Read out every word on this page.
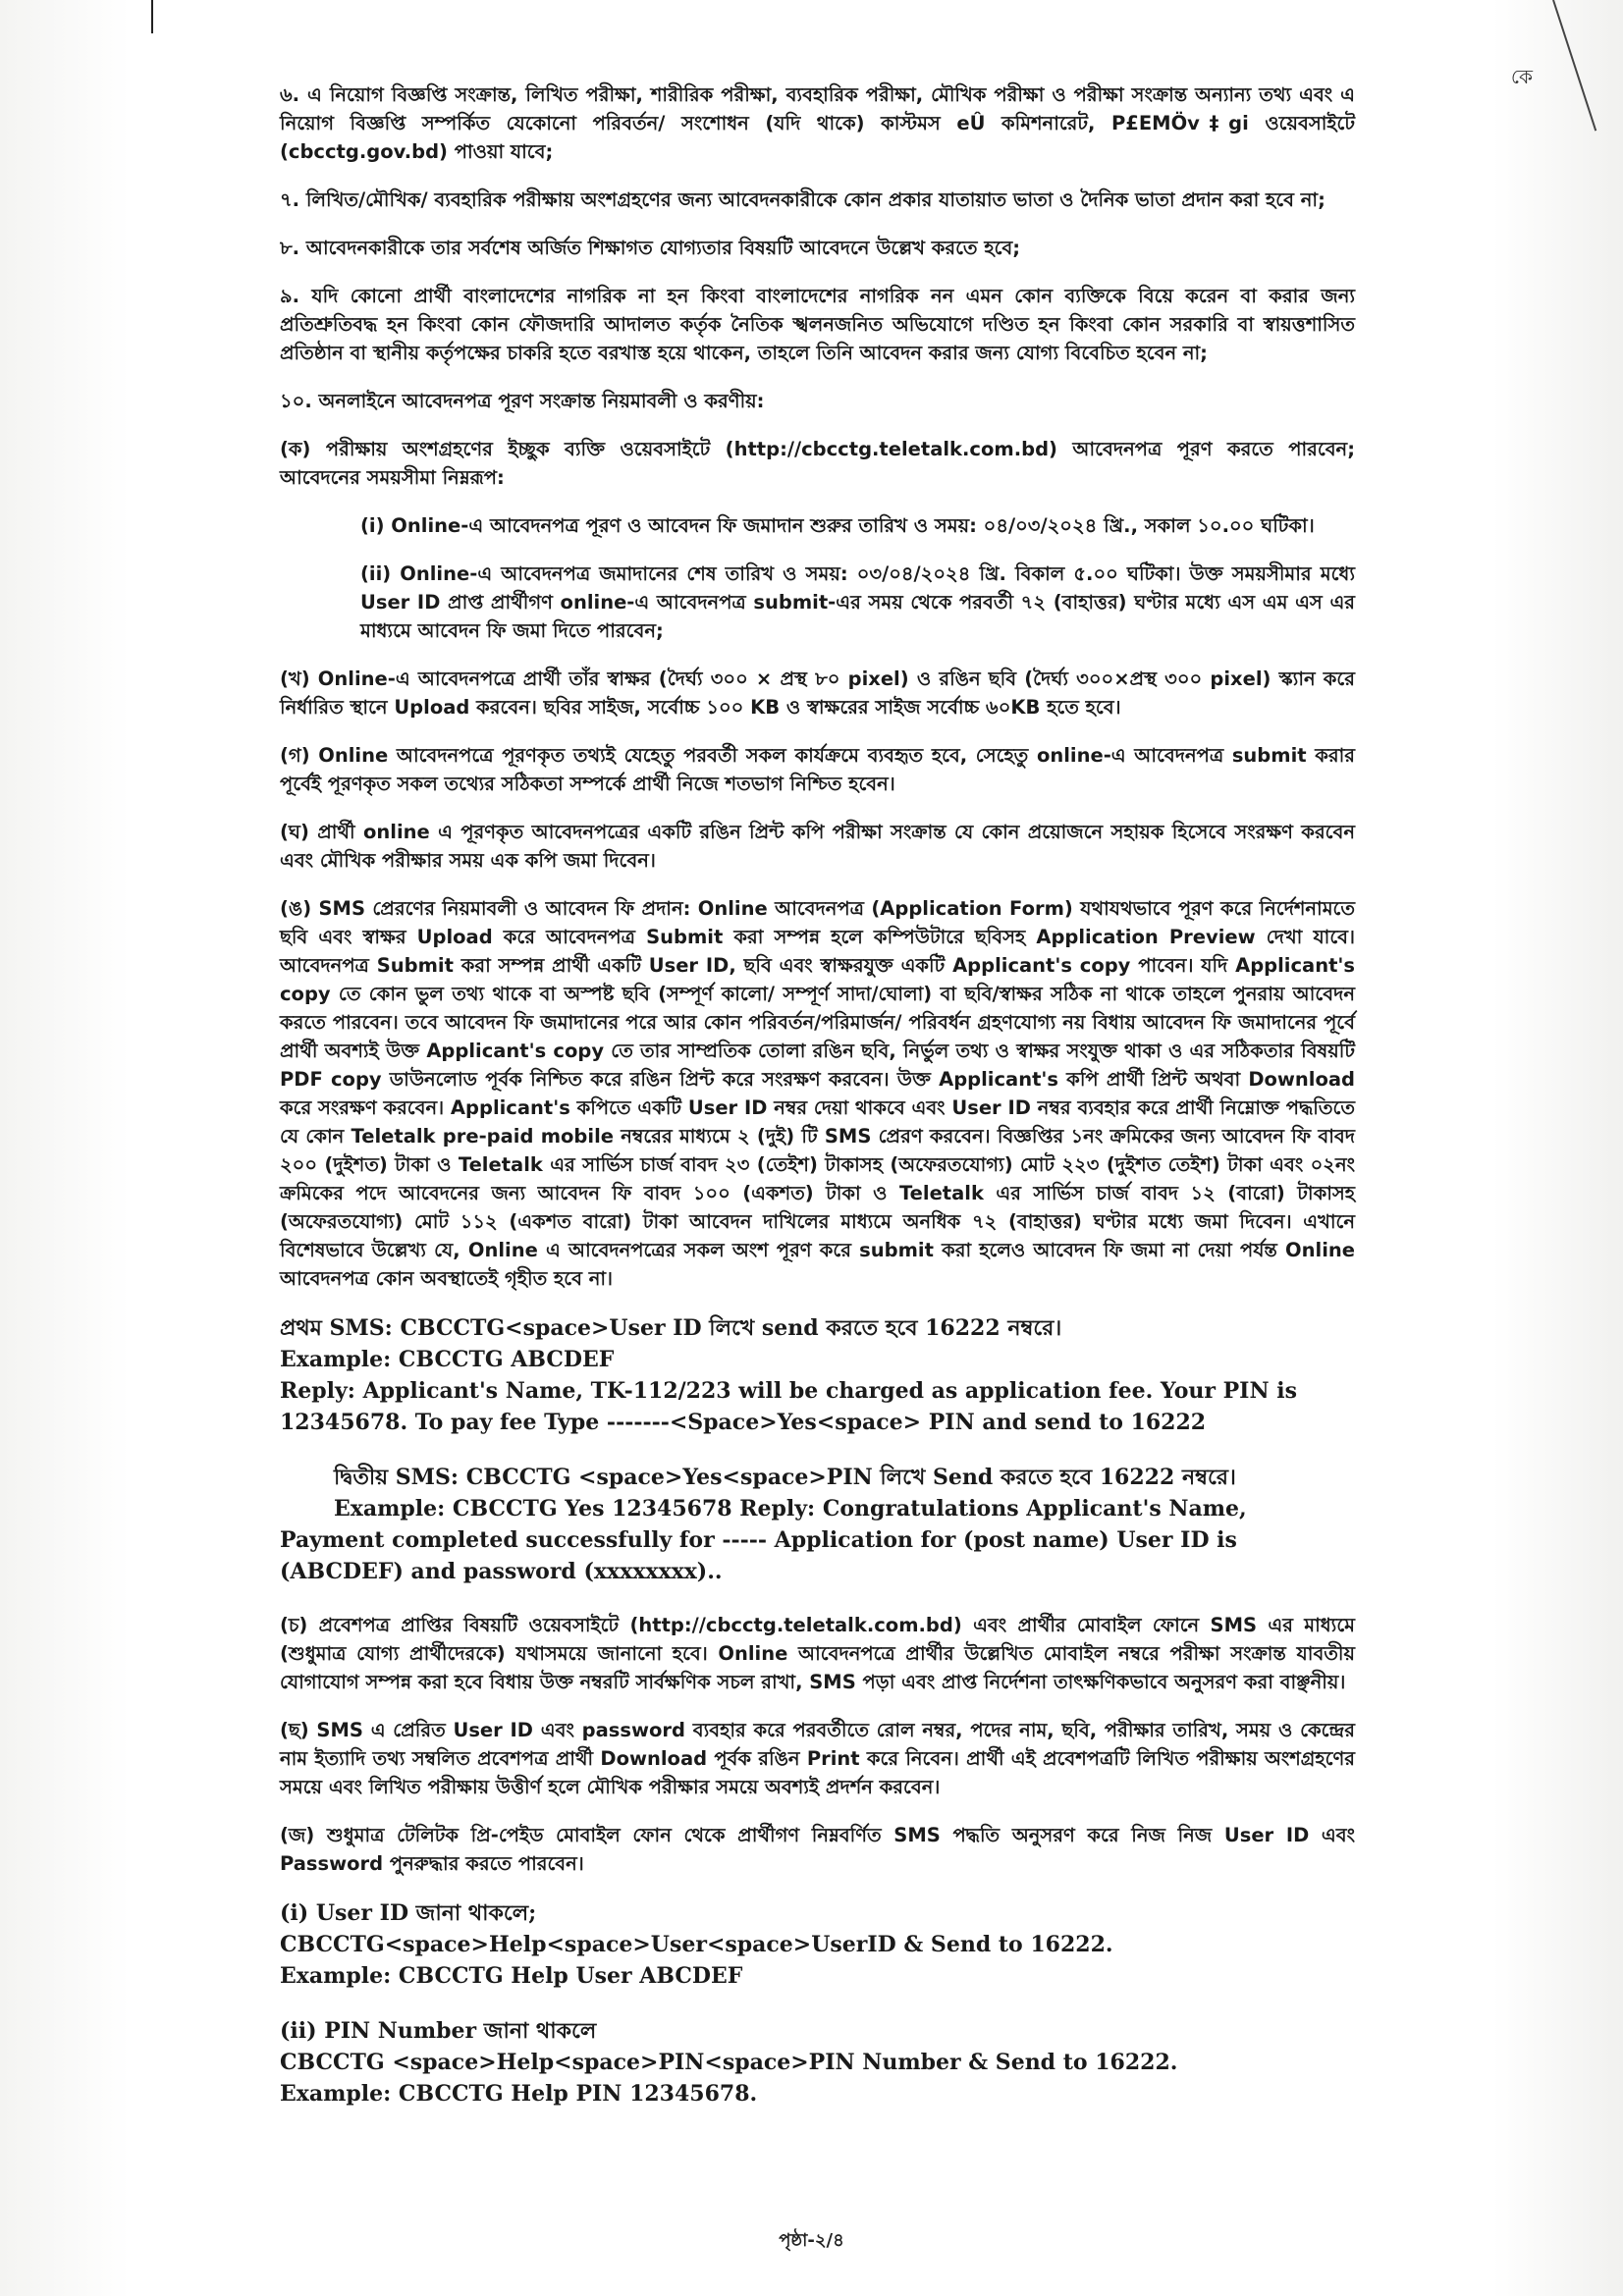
কে

৬. এ নিয়োগ বিজ্ঞপ্তি সংক্রান্ত, লিখিত পরীক্ষা, শারীরিক পরীক্ষা, ব্যবহারিক পরীক্ষা, মৌখিক পরীক্ষা ও পরীক্ষা সংক্রান্ত অন্যান্য তথ্য এবং এ নিয়োগ বিজ্ঞপ্তি সম্পর্কিত যেকোনো পরিবর্তন/ সংশোধন (যদি থাকে) কাস্টমস eÛ কমিশনারেট, P£EMÖv‡gi ওয়েবসাইটে (cbcctg.gov.bd) পাওয়া যাবে;

৭. লিখিত/মৌখিক/ ব্যবহারিক পরীক্ষায় অংশগ্রহণের জন্য আবেদনকারীকে কোন প্রকার যাতায়াত ভাতা ও দৈনিক ভাতা প্রদান করা হবে না;

৮. আবেদনকারীকে তার সর্বশেষ অর্জিত শিক্ষাগত যোগ্যতার বিষয়টি আবেদনে উল্লেখ করতে হবে;

৯. যদি কোনো প্রার্থী বাংলাদেশের নাগরিক না হন কিংবা বাংলাদেশের নাগরিক নন এমন কোন ব্যক্তিকে বিয়ে করেন বা করার জন্য প্রতিশ্রুতিবদ্ধ হন কিংবা কোন ফৌজদারি আদালত কর্তৃক নৈতিক স্খলনজনিত অভিযোগে দণ্ডিত হন কিংবা কোন সরকারি বা স্বায়ত্তশাসিত প্রতিষ্ঠান বা স্থানীয় কর্তৃপক্ষের চাকরি হতে বরখাস্ত হয়ে থাকেন, তাহলে তিনি আবেদন করার জন্য যোগ্য বিবেচিত হবেন না;

১০. অনলাইনে আবেদনপত্র পূরণ সংক্রান্ত নিয়মাবলী ও করণীয়:

(ক) পরীক্ষায় অংশগ্রহণের ইচ্ছুক ব্যক্তি ওয়েবসাইটে (http://cbcctg.teletalk.com.bd) আবেদনপত্র পূরণ করতে পারবেন; আবেদনের সময়সীমা নিম্নরূপ:

(i) Online-এ আবেদনপত্র পূরণ ও আবেদন ফি জমাদান শুরুর তারিখ ও সময়: ০৪/০৩/২০২৪ খ্রি., সকাল ১০.০০ ঘটিকা।

(ii) Online-এ আবেদনপত্র জমাদানের শেষ তারিখ ও সময়: ০৩/০৪/২০২৪ খ্রি. বিকাল ৫.০০ ঘটিকা। উক্ত সময়সীমার মধ্যে User ID প্রাপ্ত প্রার্থীগণ online-এ আবেদনপত্র submit-এর সময় থেকে পরবর্তী ৭২ (বাহাত্তর) ঘণ্টার মধ্যে এস এম এস এর মাধ্যমে আবেদন ফি জমা দিতে পারবেন;

(খ) Online-এ আবেদনপত্রে প্রার্থী তাঁর স্বাক্ষর (দৈর্ঘ্য ৩০০ × প্রস্থ ৮০ pixel) ও রঙিন ছবি (দৈর্ঘ্য ৩০০×প্রস্থ ৩০০ pixel) স্ক্যান করে নির্ধারিত স্থানে Upload করবেন। ছবির সাইজ, সর্বোচ্চ ১০০ KB ও স্বাক্ষরের সাইজ সর্বোচ্চ ৬০KB হতে হবে।

(গ) Online আবেদনপত্রে পূরণকৃত তথ্যই যেহেতু পরবর্তী সকল কার্যক্রমে ব্যবহৃত হবে, সেহেতু online-এ আবেদনপত্র submit করার পূর্বেই পূরণকৃত সকল তথ্যের সঠিকতা সম্পর্কে প্রার্থী নিজে শতভাগ নিশ্চিত হবেন।

(ঘ) প্রার্থী online এ পূরণকৃত আবেদনপত্রের একটি রঙিন প্রিন্ট কপি পরীক্ষা সংক্রান্ত যে কোন প্রয়োজনে সহায়ক হিসেবে সংরক্ষণ করবেন এবং মৌখিক পরীক্ষার সময় এক কপি জমা দিবেন।

(ঙ) SMS প্রেরণের নিয়মাবলী ও আবেদন ফি প্রদান: Online আবেদনপত্র (Application Form) যথাযথভাবে পূরণ করে নির্দেশনামতে ছবি এবং স্বাক্ষর Upload করে আবেদনপত্র Submit করা সম্পন্ন হলে কম্পিউটারে ছবিসহ Application Preview দেখা যাবে। আবেদনপত্র Submit করা সম্পন্ন প্রার্থী একটি User ID, ছবি এবং স্বাক্ষরযুক্ত একটি Applicant's copy পাবেন। যদি Applicant's copy তে কোন ভুল তথ্য থাকে বা অস্পষ্ট ছবি (সম্পূর্ণ কালো/ সম্পূর্ণ সাদা/ঘোলা) বা ছবি/স্বাক্ষর সঠিক না থাকে তাহলে পুনরায় আবেদন করতে পারবেন। তবে আবেদন ফি জমাদানের পরে আর কোন পরিবর্তন/পরিমার্জন/ পরিবর্ধন গ্রহণযোগ্য নয় বিধায় আবেদন ফি জমাদানের পূর্বে প্রার্থী অবশ্যই উক্ত Applicant's copy তে তার সাম্প্রতিক তোলা রঙিন ছবি, নির্ভুল তথ্য ও স্বাক্ষর সংযুক্ত থাকা ও এর সঠিকতার বিষয়টি PDF copy ডাউনলোড পূর্বক নিশ্চিত করে রঙিন প্রিন্ট করে সংরক্ষণ করবেন। উক্ত Applicant's কপি প্রার্থী প্রিন্ট অথবা Download করে সংরক্ষণ করবেন। Applicant's কপিতে একটি User ID নম্বর দেয়া থাকবে এবং User ID নম্বর ব্যবহার করে প্রার্থী নিম্নোক্ত পদ্ধতিতে যে কোন Teletalk pre-paid mobile নম্বরের মাধ্যমে ২ (দুই) টি SMS প্রেরণ করবেন। বিজ্ঞপ্তির ১নং ক্রমিকের জন্য আবেদন ফি বাবদ ২০০ (দুইশত) টাকা ও Teletalk এর সার্ভিস চার্জ বাবদ ২৩ (তেইশ) টাকাসহ (অফেরতযোগ্য) মোট ২২৩ (দুইশত তেইশ) টাকা এবং ০২নং ক্রমিকের পদে আবেদনের জন্য আবেদন ফি বাবদ ১০০ (একশত) টাকা ও Teletalk এর সার্ভিস চার্জ বাবদ ১২ (বারো) টাকাসহ (অফেরতযোগ্য) মোট ১১২ (একশত বারো) টাকা আবেদন দাখিলের মাধ্যমে অনধিক ৭২ (বাহাত্তর) ঘণ্টার মধ্যে জমা দিবেন। এখানে বিশেষভাবে উল্লেখ্য যে, Online এ আবেদনপত্রের সকল অংশ পূরণ করে submit করা হলেও আবেদন ফি জমা না দেয়া পর্যন্ত Online আবেদনপত্র কোন অবস্থাতেই গৃহীত হবে না।

প্রথম SMS: CBCCTG<space>User ID লিখে send করতে হবে 16222 নম্বরে।
Example: CBCCTG ABCDEF
Reply: Applicant's Name, TK-112/223 will be charged as application fee. Your PIN is 12345678. To pay fee Type -------<Space>Yes<space> PIN and send to 16222
দ্বিতীয় SMS: CBCCTG <space>Yes<space>PIN লিখে Send করতে হবে 16222 নম্বরে।
Example: CBCCTG Yes 12345678 Reply: Congratulations Applicant's Name, Payment completed successfully for ----- Application for (post name) User ID is (ABCDEF) and password (xxxxxxxx)..

(চ) প্রবেশপত্র প্রাপ্তির বিষয়টি ওয়েবসাইটে (http://cbcctg.teletalk.com.bd) এবং প্রার্থীর মোবাইল ফোনে SMS এর মাধ্যমে (শুধুমাত্র যোগ্য প্রার্থীদেরকে) যথাসময়ে জানানো হবে। Online আবেদনপত্রে প্রার্থীর উল্লেখিত মোবাইল নম্বরে পরীক্ষা সংক্রান্ত যাবতীয় যোগাযোগ সম্পন্ন করা হবে বিধায় উক্ত নম্বরটি সার্বক্ষণিক সচল রাখা, SMS পড়া এবং প্রাপ্ত নির্দেশনা তাৎক্ষণিকভাবে অনুসরণ করা বাঞ্ছনীয়।

(ছ) SMS এ প্রেরিত User ID এবং password ব্যবহার করে পরবর্তীতে রোল নম্বর, পদের নাম, ছবি, পরীক্ষার তারিখ, সময় ও কেন্দ্রের নাম ইত্যাদি তথ্য সম্বলিত প্রবেশপত্র প্রার্থী Download পূর্বক রঙিন Print করে নিবেন। প্রার্থী এই প্রবেশপত্রটি লিখিত পরীক্ষায় অংশগ্রহণের সময়ে এবং লিখিত পরীক্ষায় উত্তীর্ণ হলে মৌখিক পরীক্ষার সময়ে অবশ্যই প্রদর্শন করবেন।

(জ) শুধুমাত্র টেলিটক প্রি-পেইড মোবাইল ফোন থেকে প্রার্থীগণ নিম্নবর্ণিত SMS পদ্ধতি অনুসরণ করে নিজ নিজ User ID এবং Password পুনরুদ্ধার করতে পারবেন।

(i) User ID জানা থাকলে;
CBCCTG<space>Help<space>User<space>UserID & Send to 16222.
Example: CBCCTG Help User ABCDEF
(ii) PIN Number জানা থাকলে
CBCCTG <space>Help<space>PIN<space>PIN Number & Send to 16222.
Example: CBCCTG Help PIN 12345678.
পৃষ্ঠা-২/৪
